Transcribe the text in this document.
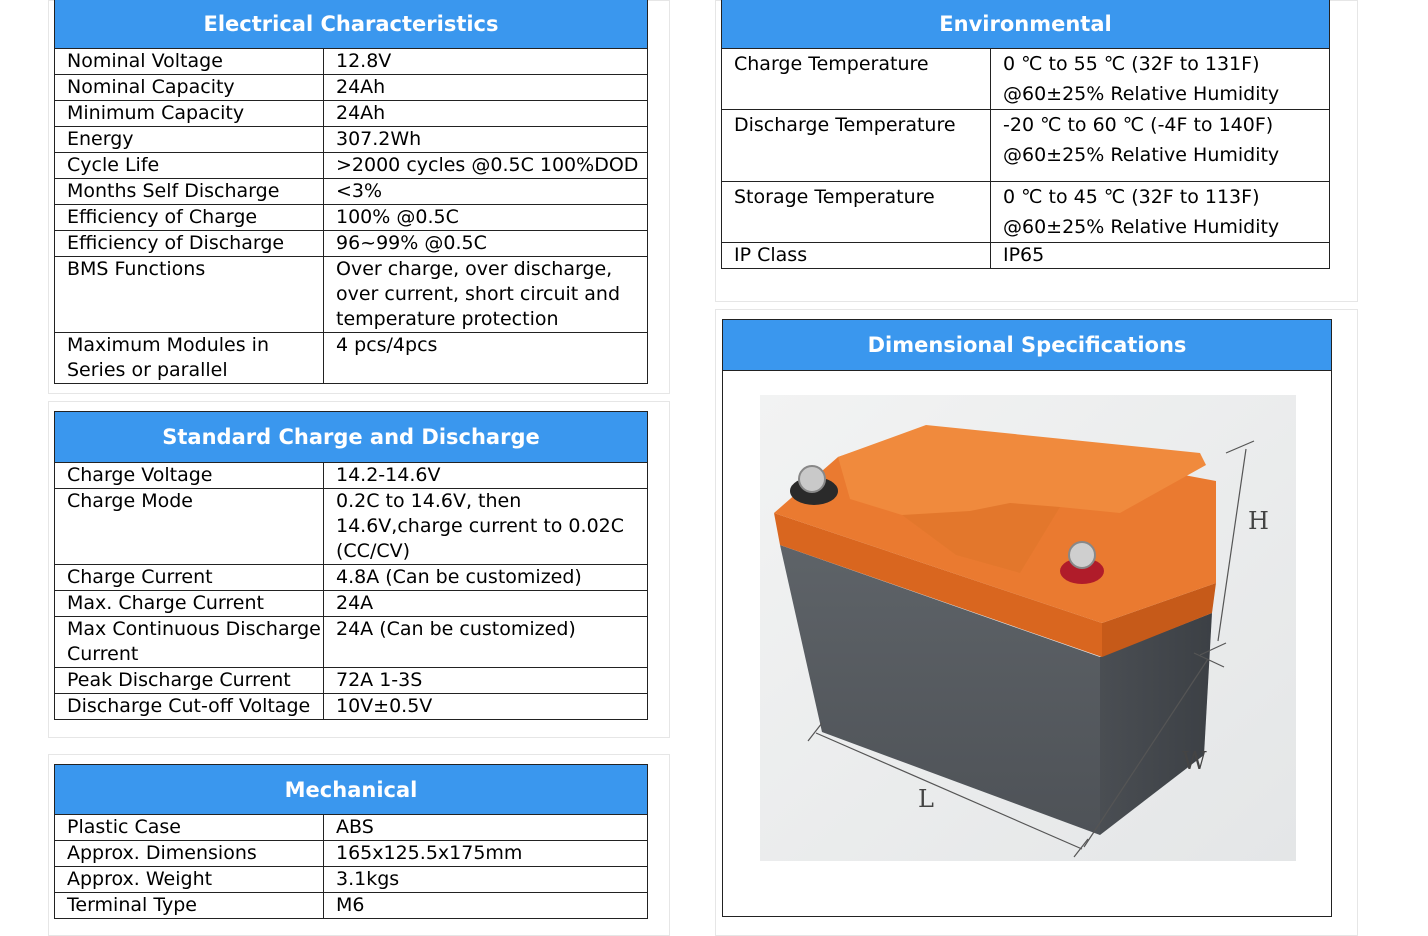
Electrical Characteristics	
Nominal Voltage	12.8V
Nominal Capacity	24Ah
Minimum Capacity	24Ah
Energy	307.2Wh
Cycle Life	>2000 cycles @0.5C 100%DOD
Months Self Discharge	<3%
Efficiency of Charge	100% @0.5C
Efficiency of Discharge	96~99% @0.5C
BMS Functions	Over charge, over discharge, over current, short circuit and temperature protection
Maximum Modules in Series or parallel	4 pcs/4pcs
Standard Charge and Discharge	
Charge Voltage	14.2-14.6V
Charge Mode	0.2C to 14.6V, then 14.6V,charge current to 0.02C (CC/CV)
Charge Current	4.8A (Can be customized)
Max. Charge Current	24A
Max Continuous Discharge Current	24A (Can be customized)
Peak Discharge Current	72A 1-3S
Discharge Cut-off Voltage	10V±0.5V
Mechanical	
Plastic Case	ABS
Approx. Dimensions	165x125.5x175mm
Approx. Weight	3.1kgs
Terminal Type	M6
Environmental	
Charge Temperature	0 ℃ to 55 ℃ (32F to 131F) @60±25% Relative Humidity
Discharge Temperature	-20 ℃ to 60 ℃ (-4F to 140F) @60±25% Relative Humidity
Storage Temperature	0 ℃ to 45 ℃ (32F to 113F) @60±25% Relative Humidity
IP Class	IP65
Dimensional Specifications
H
W
L
